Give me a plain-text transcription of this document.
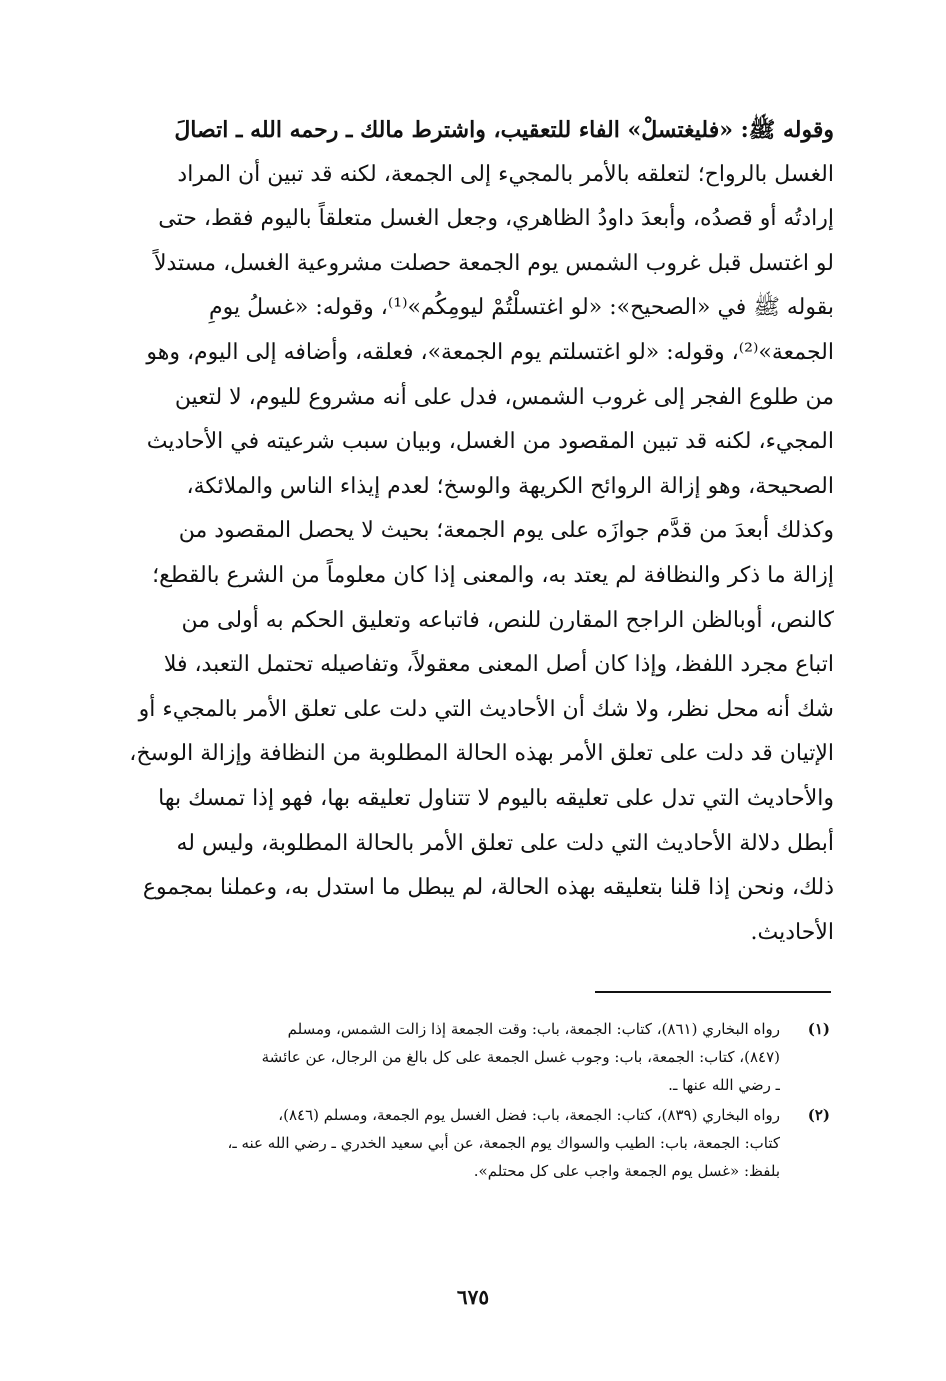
وقوله ﷺ: «فليغتسلْ» الفاء للتعقيب، واشترط مالك ـ رحمه الله ـ اتصالَ
الغسل بالرواح؛ لتعلقه بالأمر بالمجيء إلى الجمعة، لكنه قد تبين أن المراد
إرادتُه أو قصدُه، وأبعدَ داودُ الظاهري، وجعل الغسل متعلقاً باليوم فقط، حتى
لو اغتسل قبل غروب الشمس يوم الجمعة حصلت مشروعية الغسل، مستدلاً
بقوله ﷺ في «الصحيح»: «لو اغتسلْتُمْ ليومِكُم»⁽¹⁾، وقوله: «غسلُ يومِ
الجمعة»⁽²⁾، وقوله: «لو اغتسلتم يوم الجمعة»، فعلقه، وأضافه إلى اليوم، وهو
من طلوع الفجر إلى غروب الشمس، فدل على أنه مشروع لليوم، لا لتعين
المجيء، لكنه قد تبين المقصود من الغسل، وبيان سبب شرعيته في الأحاديث
الصحيحة، وهو إزالة الروائح الكريهة والوسخ؛ لعدم إيذاء الناس والملائكة،
وكذلك أبعدَ من قدَّم جوازَه على يوم الجمعة؛ بحيث لا يحصل المقصود من
إزالة ما ذكر والنظافة لم يعتد به، والمعنى إذا كان معلوماً من الشرع بالقطع؛
كالنص، أوبالظن الراجح المقارن للنص، فاتباعه وتعليق الحكم به أولى من
اتباع مجرد اللفظ، وإذا كان أصل المعنى معقولاً، وتفاصيله تحتمل التعبد، فلا
شك أنه محل نظر، ولا شك أن الأحاديث التي دلت على تعلق الأمر بالمجيء أو
الإتيان قد دلت على تعلق الأمر بهذه الحالة المطلوبة من النظافة وإزالة الوسخ،
والأحاديث التي تدل على تعليقه باليوم لا تتناول تعليقه بها، فهو إذا تمسك بها
أبطل دلالة الأحاديث التي دلت على تعلق الأمر بالحالة المطلوبة، وليس له
ذلك، ونحن إذا قلنا بتعليقه بهذه الحالة، لم يبطل ما استدل به، وعملنا بمجموع
الأحاديث.
(١)
رواه البخاري (٨٦١)، كتاب: الجمعة، باب: وقت الجمعة إذا زالت الشمس، ومسلم
(٨٤٧)، كتاب: الجمعة، باب: وجوب غسل الجمعة على كل بالغ من الرجال، عن عائشة
ـ رضي الله عنها ـ.
(٢)
رواه البخاري (٨٣٩)، كتاب: الجمعة، باب: فضل الغسل يوم الجمعة، ومسلم (٨٤٦)،
كتاب: الجمعة، باب: الطيب والسواك يوم الجمعة، عن أبي سعيد الخدري ـ رضي الله عنه ـ،
بلفظ: «غسل يوم الجمعة واجب على كل محتلم».
٦٧٥
